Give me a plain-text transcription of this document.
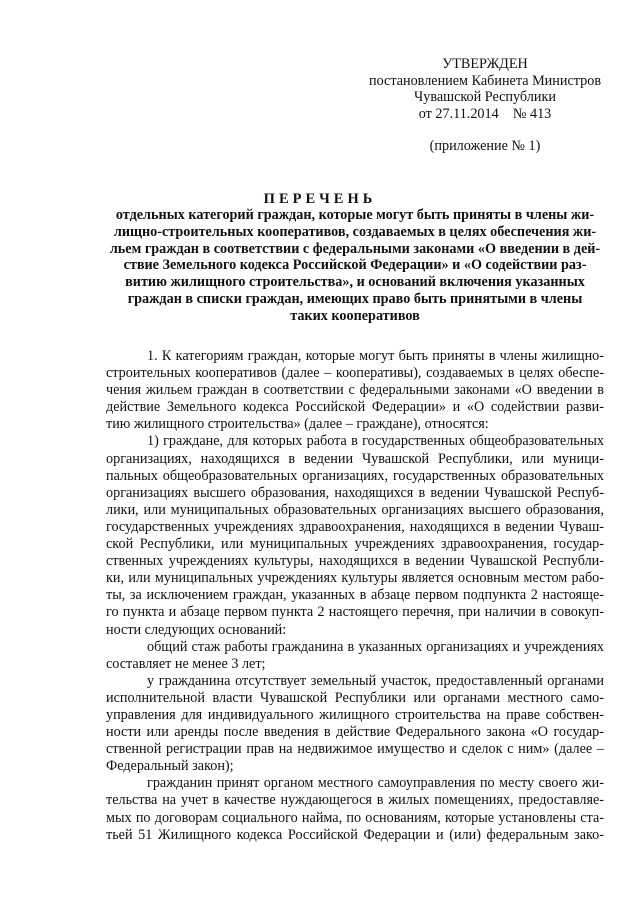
УТВЕРЖДЕН
постановлением Кабинета Министров
Чувашской Республики
от 27.11.2014    № 413
(приложение № 1)
ПЕРЕЧЕНЬ
отдельных категорий граждан, которые могут быть приняты в члены жи-
лищно-строительных кооперативов, создаваемых в целях обеспечения жи-
льем граждан в соответствии с федеральными законами «О введении в дей-
ствие Земельного кодекса Российской Федерации» и «О содействии раз-
витию жилищного строительства», и оснований включения указанных
граждан в списки граждан, имеющих право быть принятыми в члены
таких кооперативов
1. К категориям граждан, которые могут быть приняты в члены жилищно-
строительных кооперативов (далее – кооперативы), создаваемых в целях обеспе-
чения жильем граждан в соответствии с федеральными законами «О введении в
действие Земельного кодекса Российской Федерации» и «О содействии разви-
тию жилищного строительства» (далее – граждане), относятся:
1) граждане, для которых работа в государственных общеобразовательных
организациях, находящихся в ведении Чувашской Республики, или муници-
пальных общеобразовательных организациях, государственных образовательных
организациях высшего образования, находящихся в ведении Чувашской Респуб-
лики, или муниципальных образовательных организациях высшего образования,
государственных учреждениях здравоохранения, находящихся в ведении Чуваш-
ской Республики, или муниципальных учреждениях здравоохранения, государ-
ственных учреждениях культуры, находящихся в ведении Чувашской Республи-
ки, или муниципальных учреждениях культуры является основным местом рабо-
ты, за исключением граждан, указанных в абзаце первом подпункта 2 настояще-
го пункта и абзаце первом пункта 2 настоящего перечня, при наличии в совокуп-
ности следующих оснований:
общий стаж работы гражданина в указанных организациях и учреждениях
составляет не менее 3 лет;
у гражданина отсутствует земельный участок, предоставленный органами
исполнительной власти Чувашской Республики или органами местного само-
управления для индивидуального жилищного строительства на праве собствен-
ности или аренды после введения в действие Федерального закона «О государ-
ственной регистрации прав на недвижимое имущество и сделок с ним» (далее –
Федеральный закон);
гражданин принят органом местного самоуправления по месту своего жи-
тельства на учет в качестве нуждающегося в жилых помещениях, предоставляе-
мых по договорам социального найма, по основаниям, которые установлены ста-
тьей 51 Жилищного кодекса Российской Федерации и (или) федеральным зако-
